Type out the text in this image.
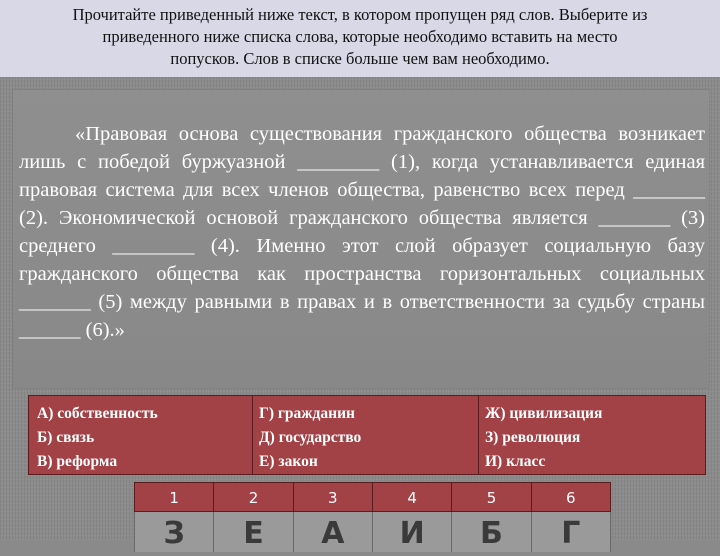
Прочитайте приведенный ниже текст, в котором пропущен ряд слов. Выберите из
приведенного ниже списка слова, которые необходимо вставить на место
попусков. Слов в списке больше чем вам необходимо.

«Правовая основа существования гражданского общества возникает лишь с победой буржуазной ________ (1), когда устанавливается единая правовая система для всех членов общества, равенство всех перед _______ (2). Экономической основой гражданского общества является _______ (3) среднего ________ (4). Именно этот слой образует социальную базу гражданского общества как пространства горизонтальных социальных _______ (5) между равными в правах и в ответственности за судьбу страны ______ (6).»

А) собственность
Б) связь
В) реформа
Г) гражданин
Д) государство
Е) закон
Ж) цивилизация
З) революция
И) класс
1	2	3	4	5	6
З	Е	А	И	Б	Г
